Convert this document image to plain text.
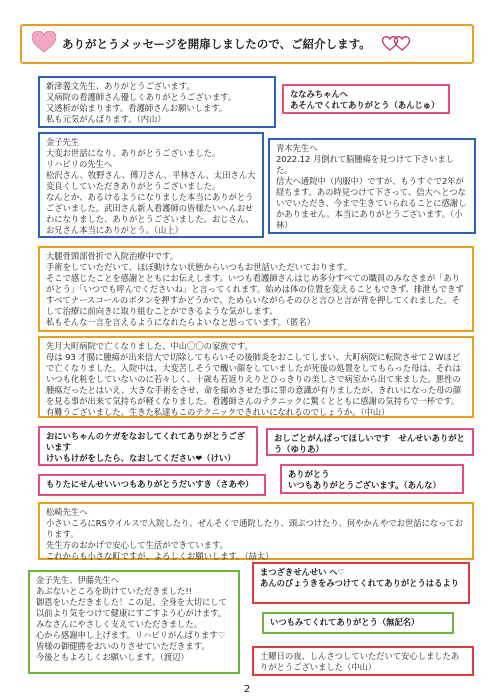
ありがとうメッセージを開扉しましたので、ご紹介します。
新津義文先生、ありがとうございます。
又病院の看護師さん優しくありがとうございます。
又透析が始まります。看護師さんお願いします。
私も元気がんばります。（内山）
ななみちゃんへ
あそんでくれてありがとう（あんじゅ）
金子先生
大変お世話になり、ありがとうございました。
リハビリの先生へ
松沢さん、牧野さん、傅刀さん、平林さん、太田さん大変良くしていただきありがとうございました。
なんとか、あるけるようになりました本当にありがとうございました。武田さん新人看護師の皆様たいへんおせわになりました、ありがとうございました。おじさん、お兄さん本当にありがとう。（山上）
青木先生へ
2022.12 月倒れて脳腫瘍を見つけて下さいました。
信大へ通院中（内服中）ですが、もうすぐで2年が経ちます。あの時見つけて下さって、信大へとつないでいただき、今まで生きていられることに感謝しかありません。本当にありがとうございます。（小林）
大腿骨頸部骨折で入院治療中です。
手術をしていただいて、ほぼ動けない状態からいつもお世話いただいております。
そこで感じたことを感謝とともにお伝えします。いつも看護師さんはじめ多分すべての職員のみなさまが「ありがとう」「いつでも呼んでくださいね」と言ってくれます。始めは体の位置を変えることもできず、排泄もできずすべてナースコールのボタンを押すかどうかで、ためらいながらそのひと言ひと言が背を押してくれました。そして治療に前向きに取り組むことができるような気がします。
私もそんな一言を言えるようになれたらよいなと思っています。（匿名）
先月大町病院で亡くなりました、中山〇〇の家族です。
母は 93 才腸に腫瘍が出来信大で切除してもらいその後肺炎をおこしてしまい、大町病院に転院させて２Wほどで亡くなりました。入院中は、大変苦しそうで醜い顔をしていましたが死後の処置をしてもらった母は、それはいつも化粧をしていないのに若々しく、十歳も若返りえりとひっきりの美しさで病室から出て来ました。悪性の腫瘍だったとはいえ、大きな手術をさせ、命を縮めさせた事に罪の意識が有りましたが、きれいになった母の顔を見る事が出来て気持ちが軽くなりました。看護師さんのテクニックに驚くとともに感謝の気持ちで一杯です。有難うございました。生きた私達もこのテクニックできれいになれるのでしょうか。（中山）
おにいちゃんのケガをなおしてくれてありがとうございます
けいもけがをしたら、なおしてください❤（けい）
おしごとがんばってほしいです　せんせいありがとう（ゆりあ）
ありがとう
いつもありがとうございます。（あんな）
もりたにせんせいいつもありがとうだいすき（さあや）
松崎先生へ
小さいころにRSウイルスで入院したり、ぜんそくで通院したり、頭ぶつけたり、何やかんやでお世話になっております。
先生方のおかげで安心して生活ができています。
これからも小さな町ですが、よろしくお願いします。（喆太）
金子先生、伊藤先生へ
あぶないところを助けていただきました!!
御恩をいただきました！この足、全身を大切にして以前より気をつけて健康にすごすよう心がけます。
みなさんにやさしく支えていただきました。
心から感謝申し上げます。リハビリがんばります♡
皆様の御健勝をおいのりさせていただきます。
今後ともよろしくお願いします。（渡辺）
まつざきせんせい へ♡
あんのびょうきをみつけてくれてありがとうはるより
いつもみてくれてありがとう（無記名）
土曜日の夜、しんさつしていただいて安心しましたありがとうございました（中山）
2
